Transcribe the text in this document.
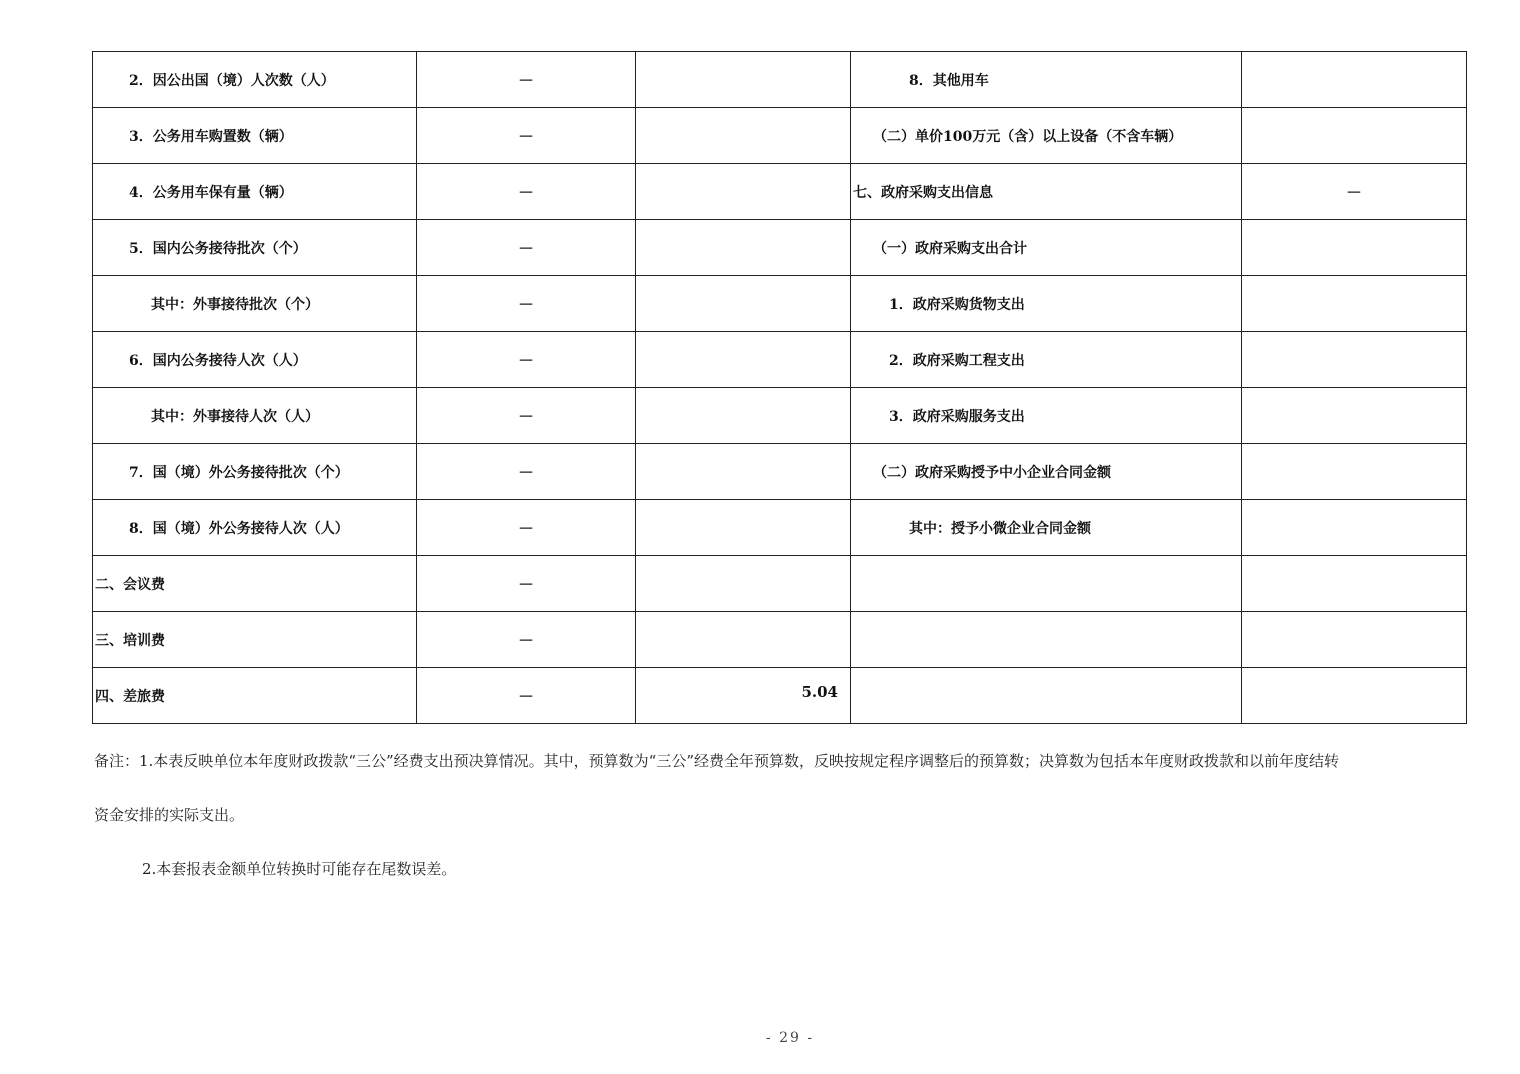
2．因公出国（境）人次数（人）	—		8．其他用车	
3．公务用车购置数（辆）	—		（二）单价100万元（含）以上设备（不含车辆）	
4．公务用车保有量（辆）	—		七、政府采购支出信息	—
5．国内公务接待批次（个）	—		（一）政府采购支出合计	
其中：外事接待批次（个）	—		1．政府采购货物支出	
6．国内公务接待人次（人）	—		2．政府采购工程支出	
其中：外事接待人次（人）	—		3．政府采购服务支出	
7．国（境）外公务接待批次（个）	—		（二）政府采购授予中小企业合同金额	
8．国（境）外公务接待人次（人）	—		其中：授予小微企业合同金额	
二、会议费	—			
三、培训费	—			
四、差旅费	—	5.04		

备注：1.本表反映单位本年度财政拨款“三公”经费支出预决算情况。其中，预算数为“三公”经费全年预算数，反映按规定程序调整后的预算数；决算数为包括本年度财政拨款和以前年度结转

资金安排的实际支出。

2.本套报表金额单位转换时可能存在尾数误差。

- 29 -
